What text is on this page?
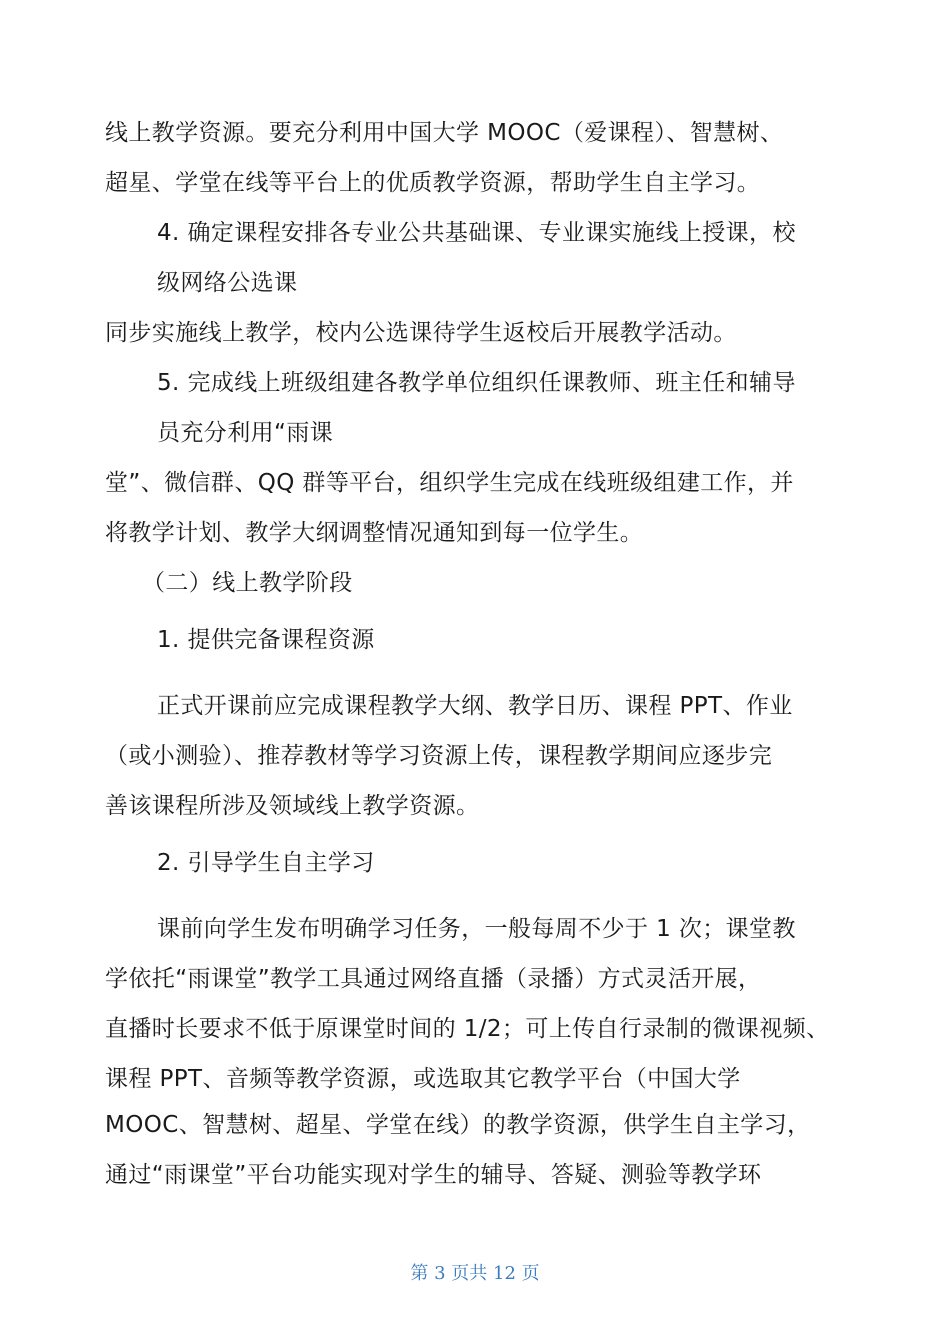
线上教学资源。要充分利用中国大学 MOOC（爱课程）、智慧树、
超星、学堂在线等平台上的优质教学资源，帮助学生自主学习。
4. 确定课程安排各专业公共基础课、专业课实施线上授课，校
级网络公选课
同步实施线上教学，校内公选课待学生返校后开展教学活动。
5. 完成线上班级组建各教学单位组织任课教师、班主任和辅导
员充分利用“雨课
堂”、微信群、QQ 群等平台，组织学生完成在线班级组建工作，并
将教学计划、教学大纲调整情况通知到每一位学生。
（二）线上教学阶段
1. 提供完备课程资源
正式开课前应完成课程教学大纲、教学日历、课程 PPT、作业
（或小测验）、推荐教材等学习资源上传，课程教学期间应逐步完
善该课程所涉及领域线上教学资源。
2. 引导学生自主学习
课前向学生发布明确学习任务，一般每周不少于 1 次；课堂教
学依托“雨课堂”教学工具通过网络直播（录播）方式灵活开展，
直播时长要求不低于原课堂时间的 1/2；可上传自行录制的微课视频、
课程 PPT、音频等教学资源，或选取其它教学平台（中国大学
MOOC、智慧树、超星、学堂在线）的教学资源，供学生自主学习，
通过“雨课堂”平台功能实现对学生的辅导、答疑、测验等教学环
第 3 页共 12 页
